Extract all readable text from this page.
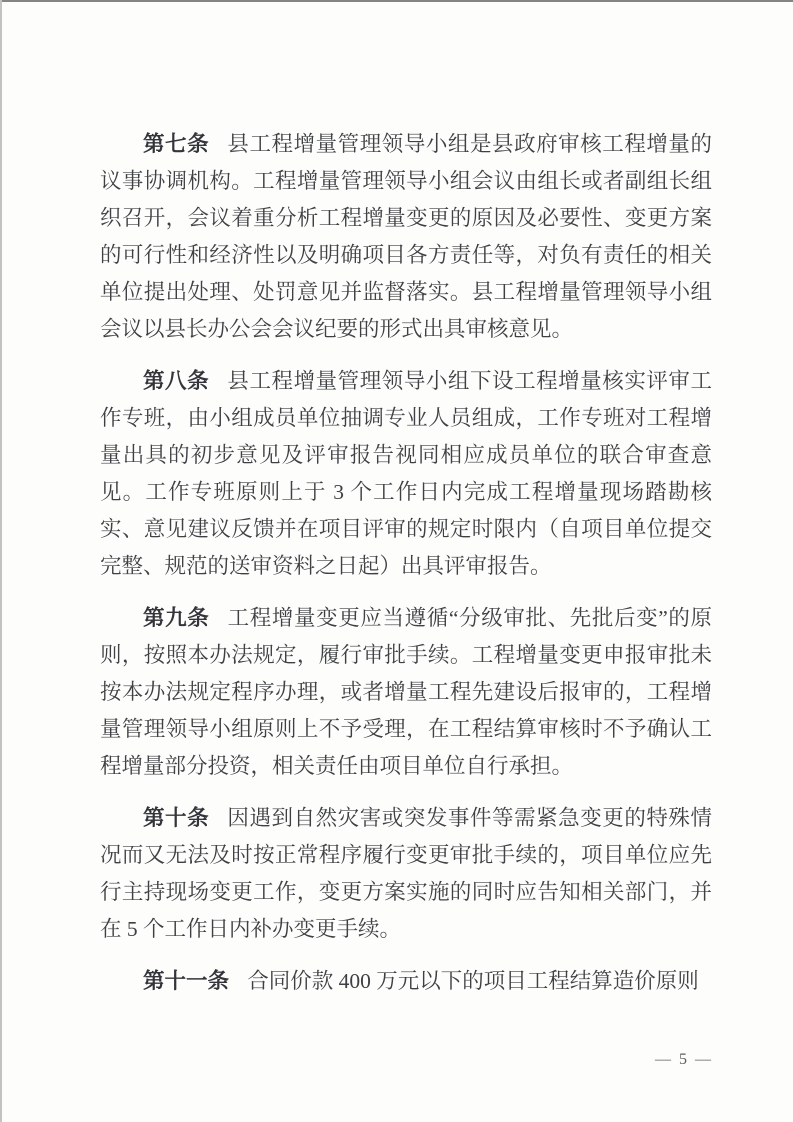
第七条 县工程增量管理领导小组是县政府审核工程增量的议事协调机构。工程增量管理领导小组会议由组长或者副组长组织召开，会议着重分析工程增量变更的原因及必要性、变更方案的可行性和经济性以及明确项目各方责任等，对负有责任的相关单位提出处理、处罚意见并监督落实。县工程增量管理领导小组会议以县长办公会会议纪要的形式出具审核意见。

第八条 县工程增量管理领导小组下设工程增量核实评审工作专班，由小组成员单位抽调专业人员组成，工作专班对工程增量出具的初步意见及评审报告视同相应成员单位的联合审查意见。工作专班原则上于 3 个工作日内完成工程增量现场踏勘核实、意见建议反馈并在项目评审的规定时限内（自项目单位提交完整、规范的送审资料之日起）出具评审报告。

第九条 工程增量变更应当遵循“分级审批、先批后变”的原则，按照本办法规定，履行审批手续。工程增量变更申报审批未按本办法规定程序办理，或者增量工程先建设后报审的，工程增量管理领导小组原则上不予受理，在工程结算审核时不予确认工程增量部分投资，相关责任由项目单位自行承担。

第十条 因遇到自然灾害或突发事件等需紧急变更的特殊情况而又无法及时按正常程序履行变更审批手续的，项目单位应先行主持现场变更工作，变更方案实施的同时应告知相关部门，并在 5 个工作日内补办变更手续。

第十一条 合同价款 400 万元以下的项目工程结算造价原则

— 5 —
